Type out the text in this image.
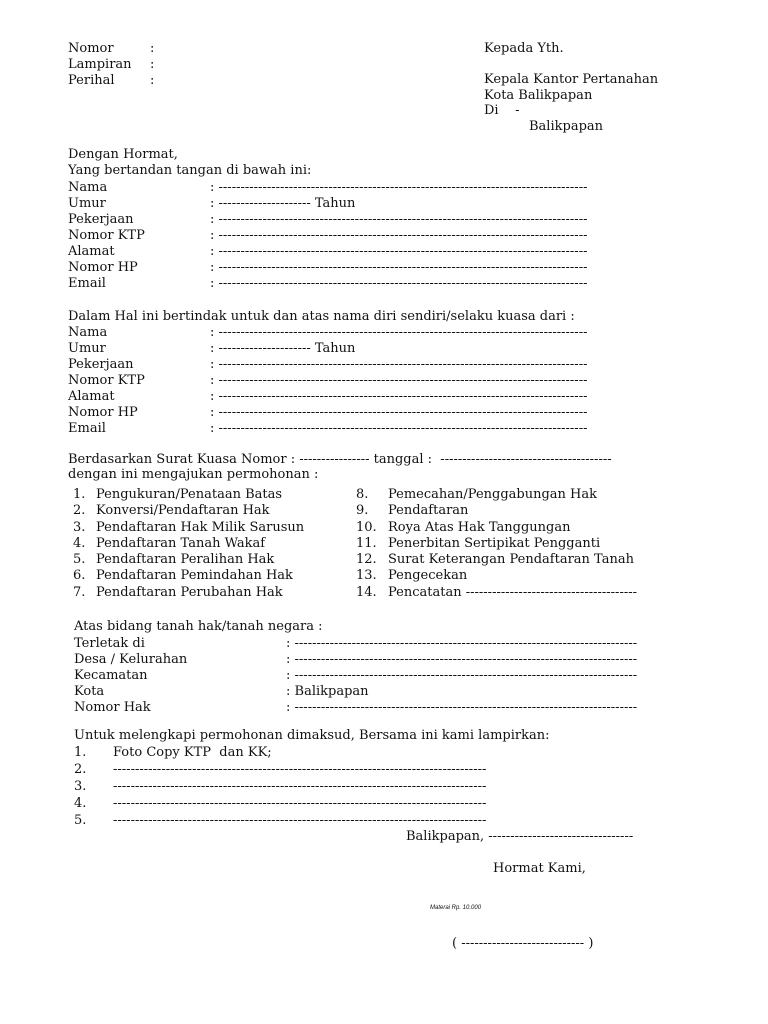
Nomor	:
Lampiran :
Perihal	:
Kepada Yth.
Kepala Kantor Pertanahan
Kota Balikpapan
Di    -
Balikpapan
Dengan Hormat,
Yang bertandan tangan di bawah ini:
Nama	: ------------------------------------------------------------------------------------
Umur	: --------------------- Tahun
Pekerjaan	: ------------------------------------------------------------------------------------
Nomor KTP	: ------------------------------------------------------------------------------------
Alamat	: ------------------------------------------------------------------------------------
Nomor HP	: ------------------------------------------------------------------------------------
Email	: ------------------------------------------------------------------------------------
Dalam Hal ini bertindak untuk dan atas nama diri sendiri/selaku kuasa dari :
Nama	: ------------------------------------------------------------------------------------
Umur	: --------------------- Tahun
Pekerjaan	: ------------------------------------------------------------------------------------
Nomor KTP	: ------------------------------------------------------------------------------------
Alamat	: ------------------------------------------------------------------------------------
Nomor HP	: ------------------------------------------------------------------------------------
Email	: ------------------------------------------------------------------------------------
Berdasarkan Surat Kuasa Nomor : ---------------- tanggal :  ---------------------------------------
dengan ini mengajukan permohonan :
1. Pengukuran/Penataan Batas
2. Konversi/Pendaftaran Hak
3. Pendaftaran Hak Milik Sarusun
4. Pendaftaran Tanah Wakaf
5. Pendaftaran Peralihan Hak
6. Pendaftaran Pemindahan Hak
7. Pendaftaran Perubahan Hak
8. Pemecahan/Penggabungan Hak
9. Pendaftaran
10. Roya Atas Hak Tanggungan
11. Penerbitan Sertipikat Pengganti
12. Surat Keterangan Pendaftaran Tanah
13. Pengecekan
14. Pencatatan ---------------------------------------
Atas bidang tanah hak/tanah negara :
Terletak di	: ------------------------------------------------------------------------------
Desa / Kelurahan	: ------------------------------------------------------------------------------
Kecamatan	: ------------------------------------------------------------------------------
Kota	: Balikpapan
Nomor Hak	: ------------------------------------------------------------------------------
Untuk melengkapi permohonan dimaksud, Bersama ini kami lampirkan:
1. Foto Copy KTP  dan KK;
2. -------------------------------------------------------------------------------------
3. -------------------------------------------------------------------------------------
4. -------------------------------------------------------------------------------------
5. -------------------------------------------------------------------------------------
Balikpapan, ---------------------------------
Hormat Kami,
Materai Rp. 10.000
( ---------------------------- )
